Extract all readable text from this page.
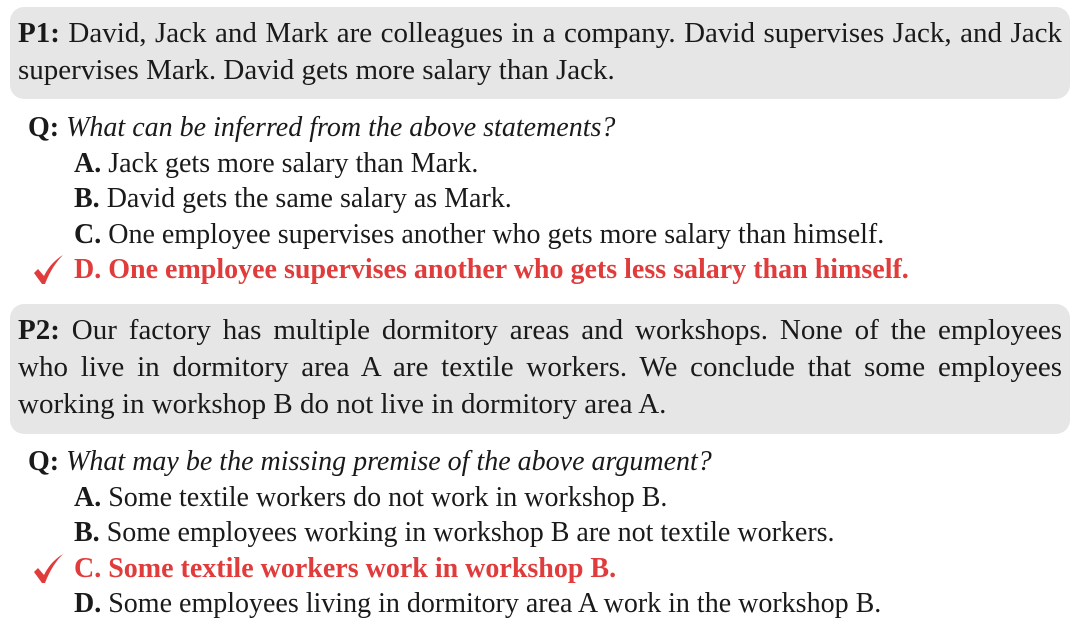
P1: David, Jack and Mark are colleagues in a company. David supervises Jack, and Jack supervises Mark. David gets more salary than Jack.
Q: What can be inferred from the above statements?
A. Jack gets more salary than Mark.
B. David gets the same salary as Mark.
C. One employee supervises another who gets more salary than himself.
D. One employee supervises another who gets less salary than himself.
P2: Our factory has multiple dormitory areas and workshops. None of the employees who live in dormitory area A are textile workers. We conclude that some employees working in workshop B do not live in dormitory area A.
Q: What may be the missing premise of the above argument?
A. Some textile workers do not work in workshop B.
B. Some employees working in workshop B are not textile workers.
C. Some textile workers work in workshop B.
D. Some employees living in dormitory area A work in the workshop B.
